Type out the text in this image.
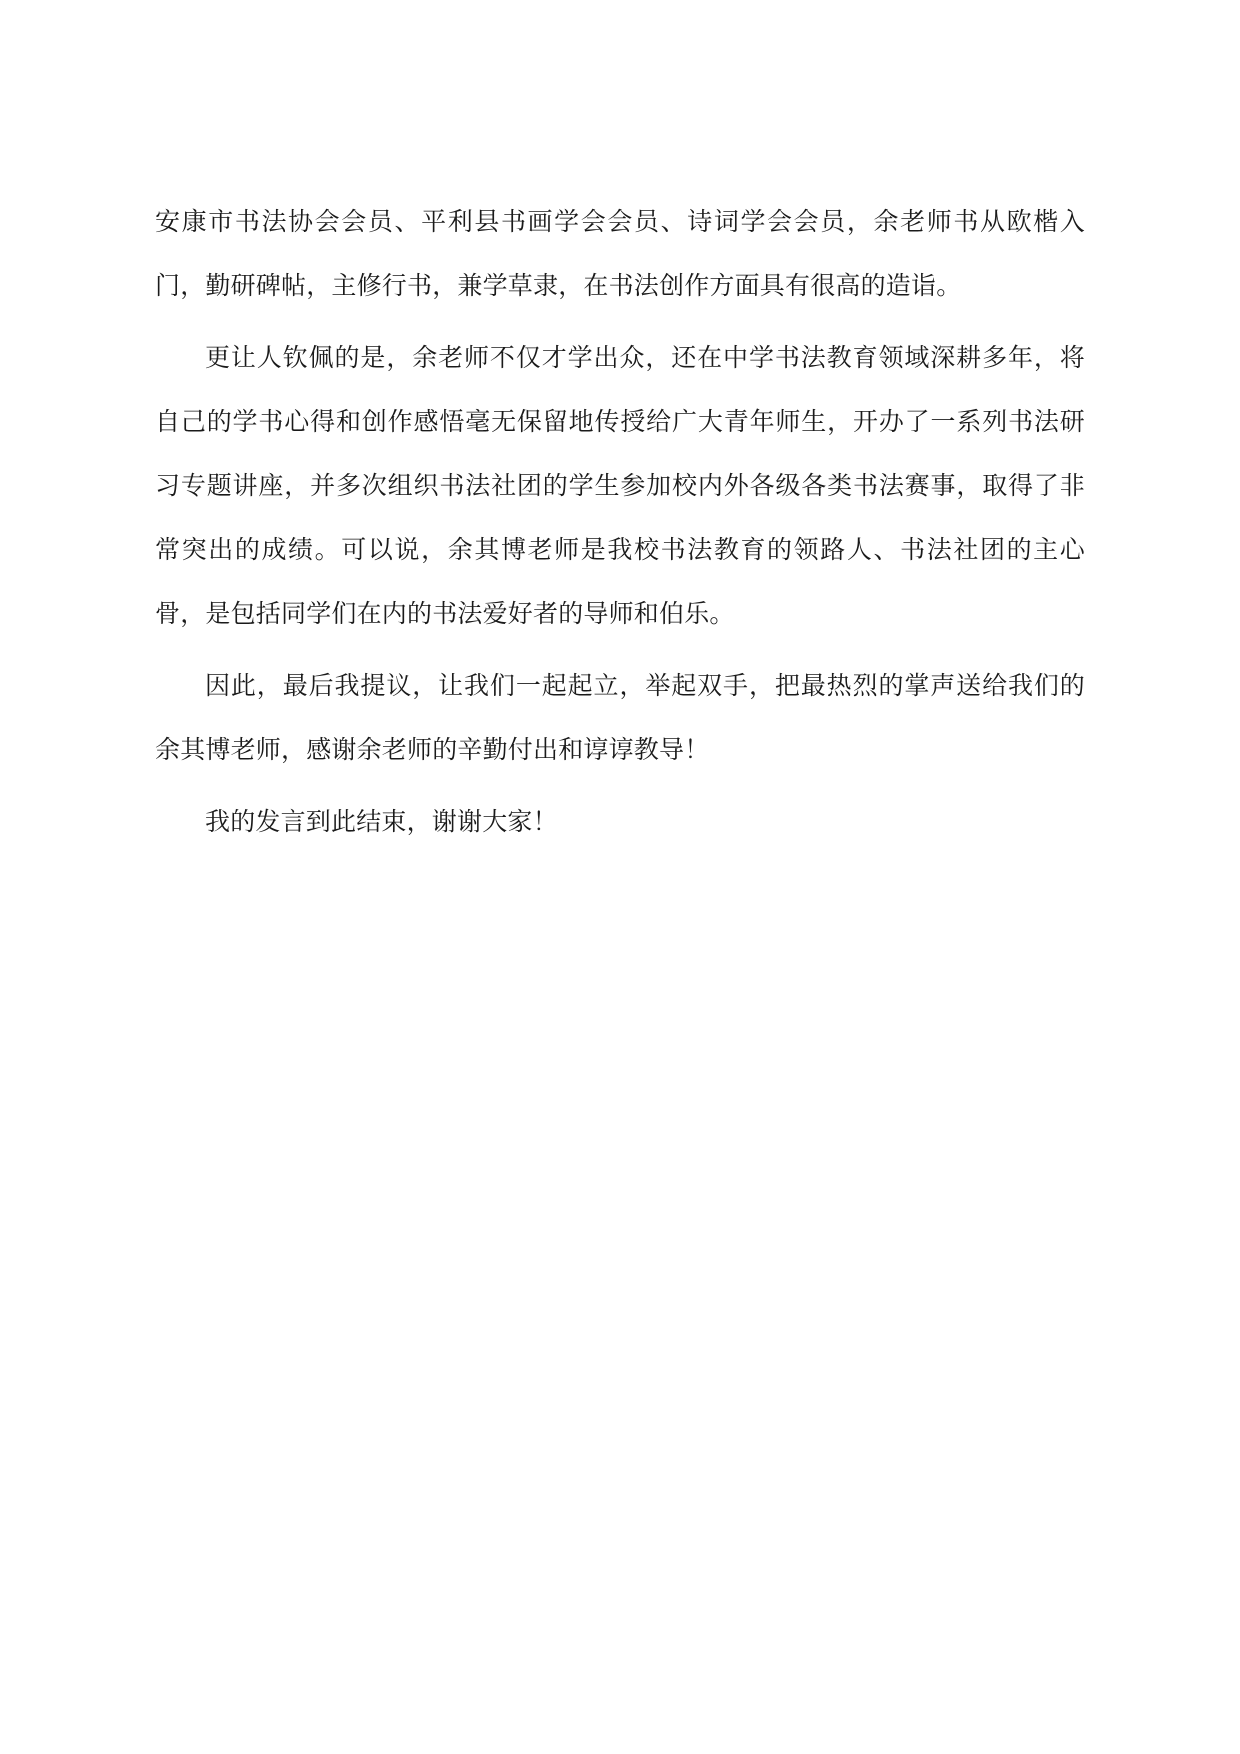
安康市书法协会会员、平利县书画学会会员、诗词学会会员，余老师书从欧楷入门，勤研碑帖，主修行书，兼学草隶，在书法创作方面具有很高的造诣。

更让人钦佩的是，余老师不仅才学出众，还在中学书法教育领域深耕多年，将自己的学书心得和创作感悟毫无保留地传授给广大青年师生，开办了一系列书法研习专题讲座，并多次组织书法社团的学生参加校内外各级各类书法赛事，取得了非常突出的成绩。可以说，余其博老师是我校书法教育的领路人、书法社团的主心骨，是包括同学们在内的书法爱好者的导师和伯乐。

因此，最后我提议，让我们一起起立，举起双手，把最热烈的掌声送给我们的余其博老师，感谢余老师的辛勤付出和谆谆教导！

我的发言到此结束，谢谢大家！
